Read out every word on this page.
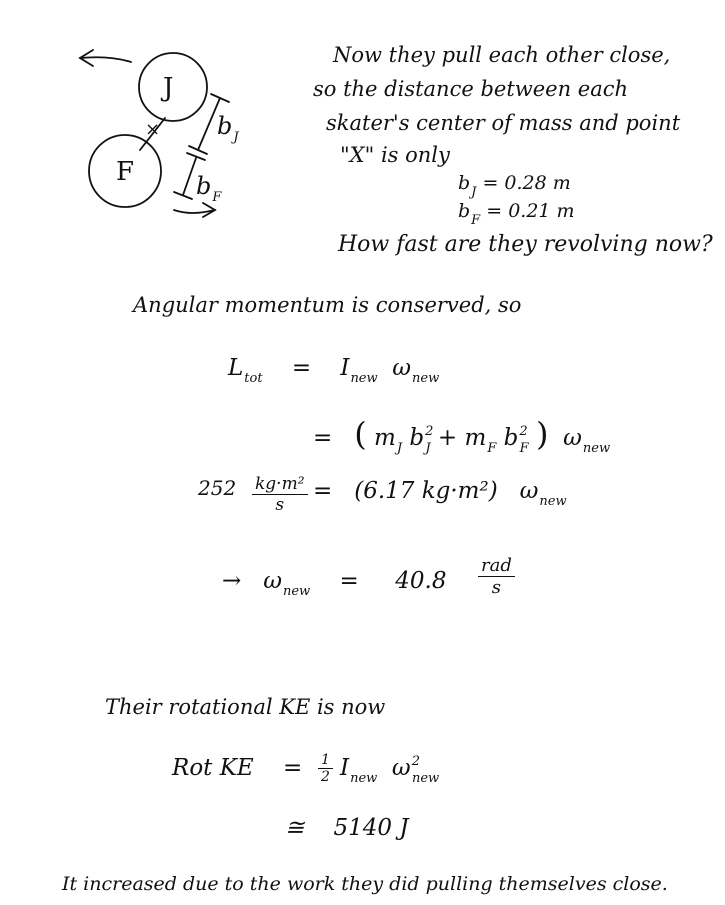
J
F
× $b_J$
$b_F$
Now they pull each other close,
so the distance between each
skater's center of mass and point
"X" is only
$b_J = 0.28$ m
$b_F = 0.21$ m
How fast are they revolving now?
Angular momentum is conserved, so
$L_{tot} = I_{new}$ $\omega_{new}$
= ( $m_J$ $b^2_J + m_F$ $b^2_F$ ) $\omega_{new}$
$252 \frac{\text{kg·m²}}{s} = (6.17$ kg·m²) $\omega_{new}$
→ $\omega_{new} = 40.8$
rad
s
Their rotational KE is now
Rot KE = $\frac{1}{2} I_{new}$ $\omega^2_{new}$
≅ 5140 J
It increased due to the work they did pulling themselves close.
